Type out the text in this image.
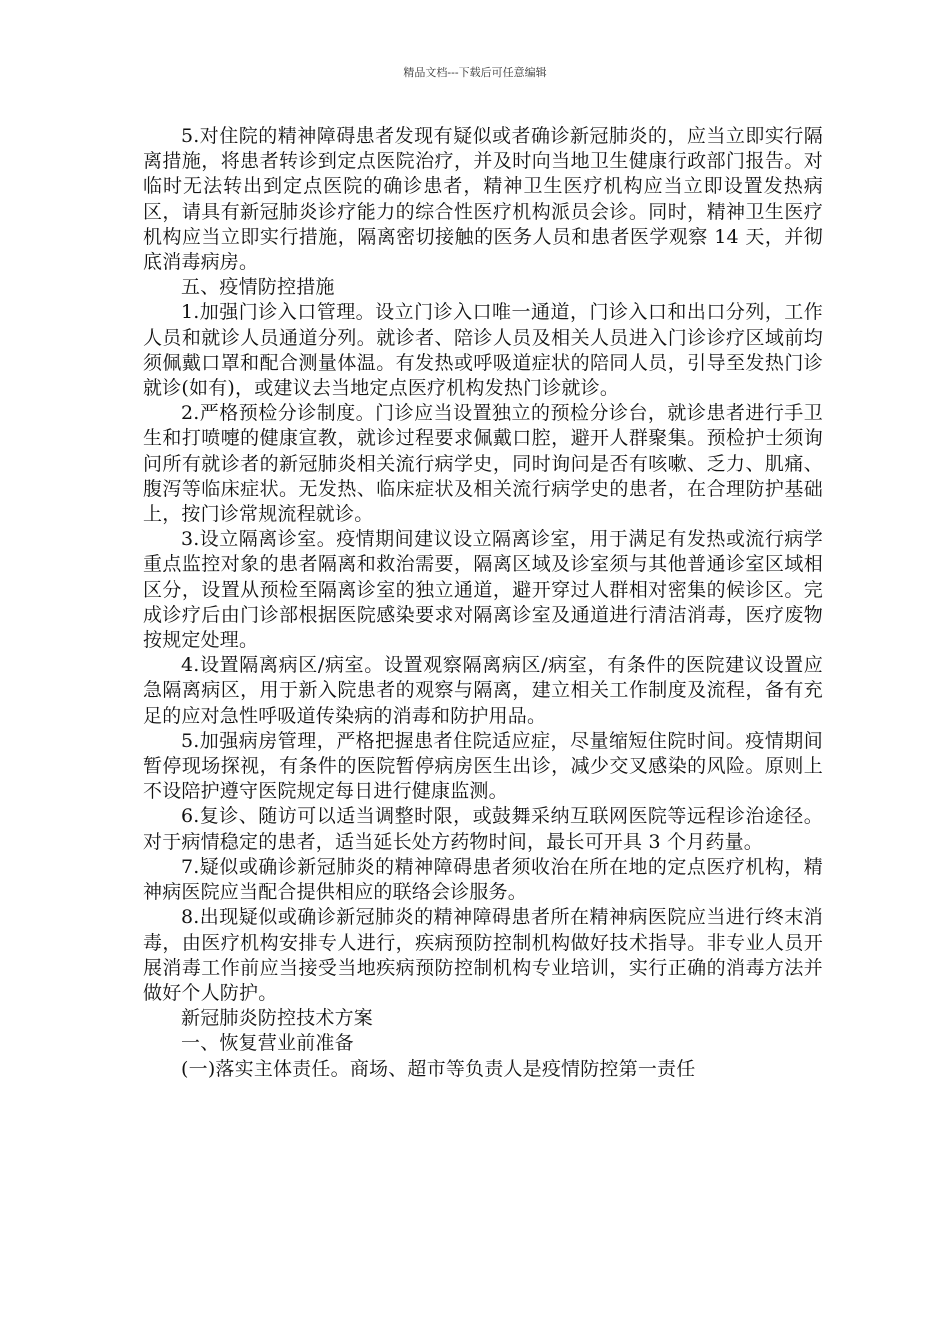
精品文档---下载后可任意编辑

5.对住院的精神障碍患者发现有疑似或者确诊新冠肺炎的，应当立即实行隔离措施，将患者转诊到定点医院治疗，并及时向当地卫生健康行政部门报告。对临时无法转出到定点医院的确诊患者，精神卫生医疗机构应当立即设置发热病区，请具有新冠肺炎诊疗能力的综合性医疗机构派员会诊。同时，精神卫生医疗机构应当立即实行措施，隔离密切接触的医务人员和患者医学观察 14 天，并彻底消毒病房。

五、疫情防控措施

1.加强门诊入口管理。设立门诊入口唯一通道，门诊入口和出口分列，工作人员和就诊人员通道分列。就诊者、陪诊人员及相关人员进入门诊诊疗区域前均须佩戴口罩和配合测量体温。有发热或呼吸道症状的陪同人员，引导至发热门诊就诊(如有)，或建议去当地定点医疗机构发热门诊就诊。

2.严格预检分诊制度。门诊应当设置独立的预检分诊台，就诊患者进行手卫生和打喷嚏的健康宣教，就诊过程要求佩戴口腔，避开人群聚集。预检护士须询问所有就诊者的新冠肺炎相关流行病学史，同时询问是否有咳嗽、乏力、肌痛、腹泻等临床症状。无发热、临床症状及相关流行病学史的患者，在合理防护基础上，按门诊常规流程就诊。

3.设立隔离诊室。疫情期间建议设立隔离诊室，用于满足有发热或流行病学重点监控对象的患者隔离和救治需要，隔离区域及诊室须与其他普通诊室区域相区分，设置从预检至隔离诊室的独立通道，避开穿过人群相对密集的候诊区。完成诊疗后由门诊部根据医院感染要求对隔离诊室及通道进行清洁消毒，医疗废物按规定处理。

4.设置隔离病区/病室。设置观察隔离病区/病室，有条件的医院建议设置应急隔离病区，用于新入院患者的观察与隔离，建立相关工作制度及流程，备有充足的应对急性呼吸道传染病的消毒和防护用品。

5.加强病房管理，严格把握患者住院适应症，尽量缩短住院时间。疫情期间暂停现场探视，有条件的医院暂停病房医生出诊，减少交叉感染的风险。原则上不设陪护遵守医院规定每日进行健康监测。

6.复诊、随访可以适当调整时限，或鼓舞采纳互联网医院等远程诊治途径。对于病情稳定的患者，适当延长处方药物时间，最长可开具 3 个月药量。

7.疑似或确诊新冠肺炎的精神障碍患者须收治在所在地的定点医疗机构，精神病医院应当配合提供相应的联络会诊服务。

8.出现疑似或确诊新冠肺炎的精神障碍患者所在精神病医院应当进行终末消毒，由医疗机构安排专人进行，疾病预防控制机构做好技术指导。非专业人员开展消毒工作前应当接受当地疾病预防控制机构专业培训，实行正确的消毒方法并做好个人防护。

新冠肺炎防控技术方案

一、恢复营业前准备

(一)落实主体责任。商场、超市等负责人是疫情防控第一责任
